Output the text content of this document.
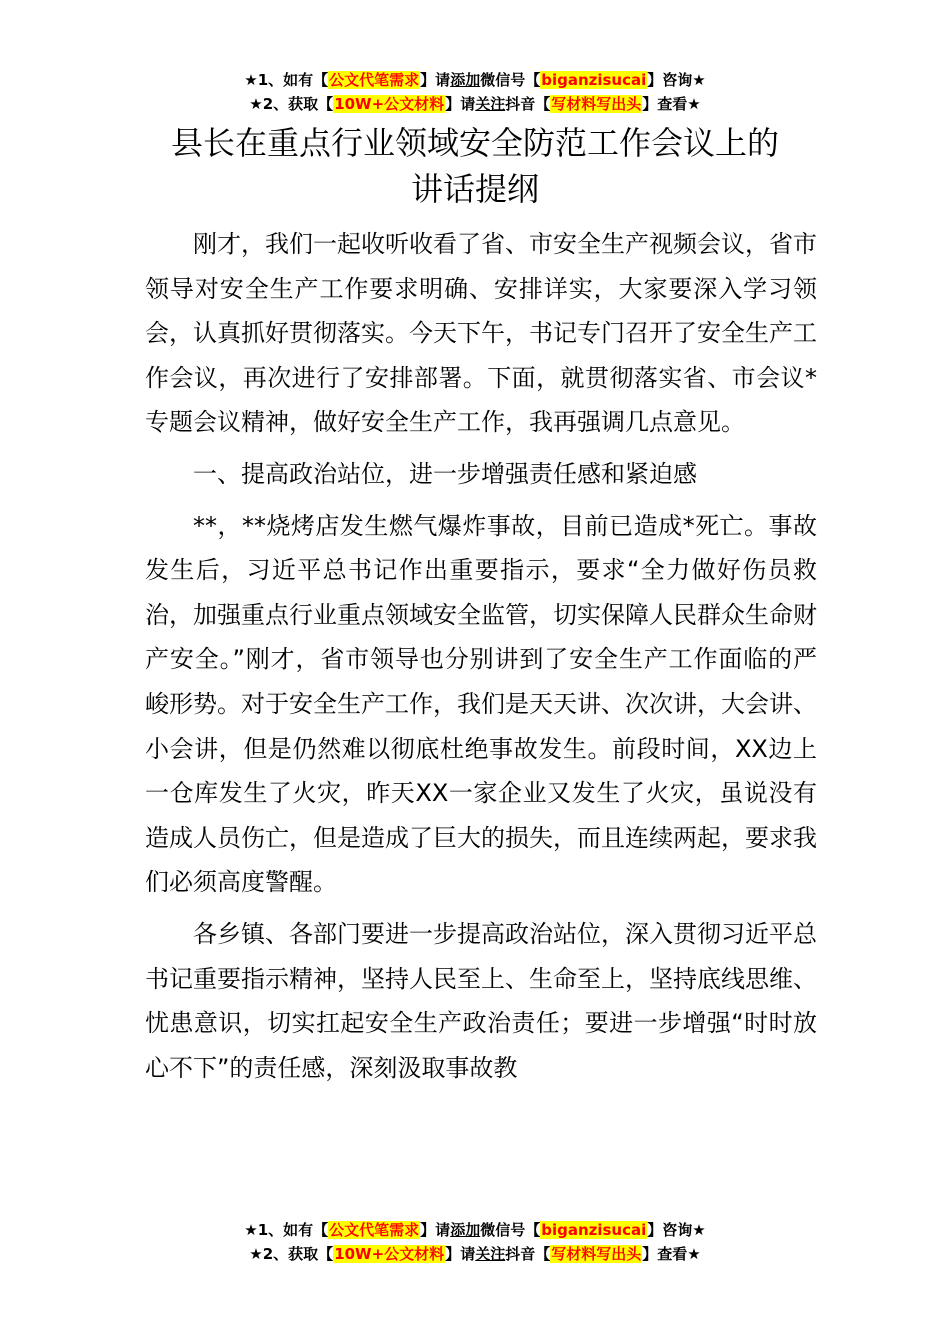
★1、如有【公文代笔需求】请添加微信号【biganzisucai】咨询★
★2、获取【10W+公文材料】请关注抖音【写材料写出头】查看★
县长在重点行业领域安全防范工作会议上的
讲话提纲

刚才，我们一起收听收看了省、市安全生产视频会议，省市领导对安全生产工作要求明确、安排详实，大家要深入学习领会，认真抓好贯彻落实。今天下午，书记专门召开了安全生产工作会议，再次进行了安排部署。下面，就贯彻落实省、市会议*专题会议精神，做好安全生产工作，我再强调几点意见。

一、提高政治站位，进一步增强责任感和紧迫感

**，**烧烤店发生燃气爆炸事故，目前已造成*死亡。事故发生后，习近平总书记作出重要指示，要求“全力做好伤员救治，加强重点行业重点领域安全监管，切实保障人民群众生命财产安全。”刚才，省市领导也分别讲到了安全生产工作面临的严峻形势。对于安全生产工作，我们是天天讲、次次讲，大会讲、小会讲，但是仍然难以彻底杜绝事故发生。前段时间，XX边上一仓库发生了火灾，昨天XX一家企业又发生了火灾，虽说没有造成人员伤亡，但是造成了巨大的损失，而且连续两起，要求我们必须高度警醒。

各乡镇、各部门要进一步提高政治站位，深入贯彻习近平总书记重要指示精神，坚持人民至上、生命至上，坚持底线思维、忧患意识，切实扛起安全生产政治责任；要进一步增强“时时放心不下”的责任感，深刻汲取事故教

★1、如有【公文代笔需求】请添加微信号【biganzisucai】咨询★
★2、获取【10W+公文材料】请关注抖音【写材料写出头】查看★
